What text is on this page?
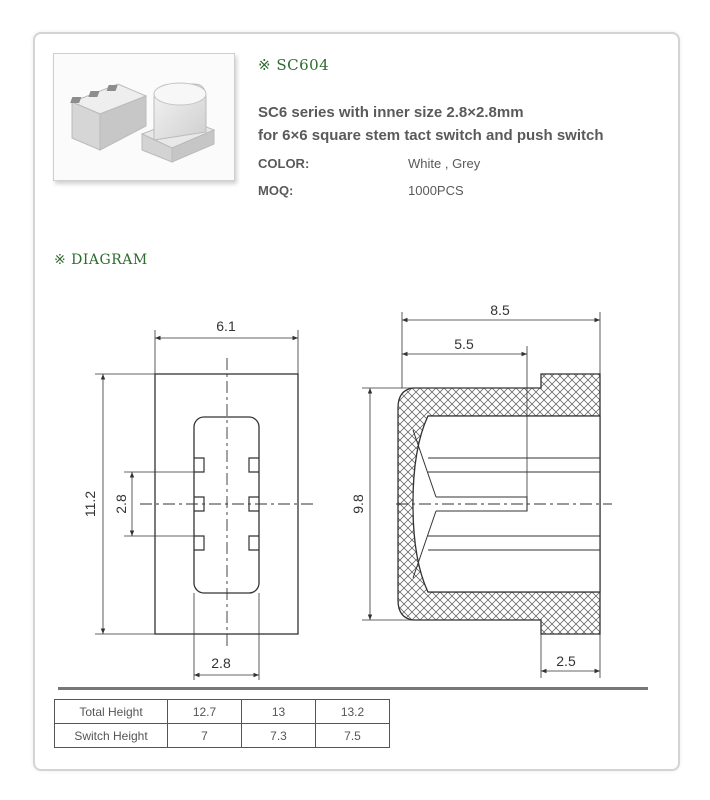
※ SC604
SC6 series with inner size 2.8×2.8mm
for 6×6 square stem tact switch and push switch
COLOR:	White , Grey
MOQ:	1000PCS
※ DIAGRAM
6.1
11.2 2.8
2.8
8.5
5.5
9.8
2.5
Total Height	12.7	13	13.2
Switch Height	7	7.3	7.5
